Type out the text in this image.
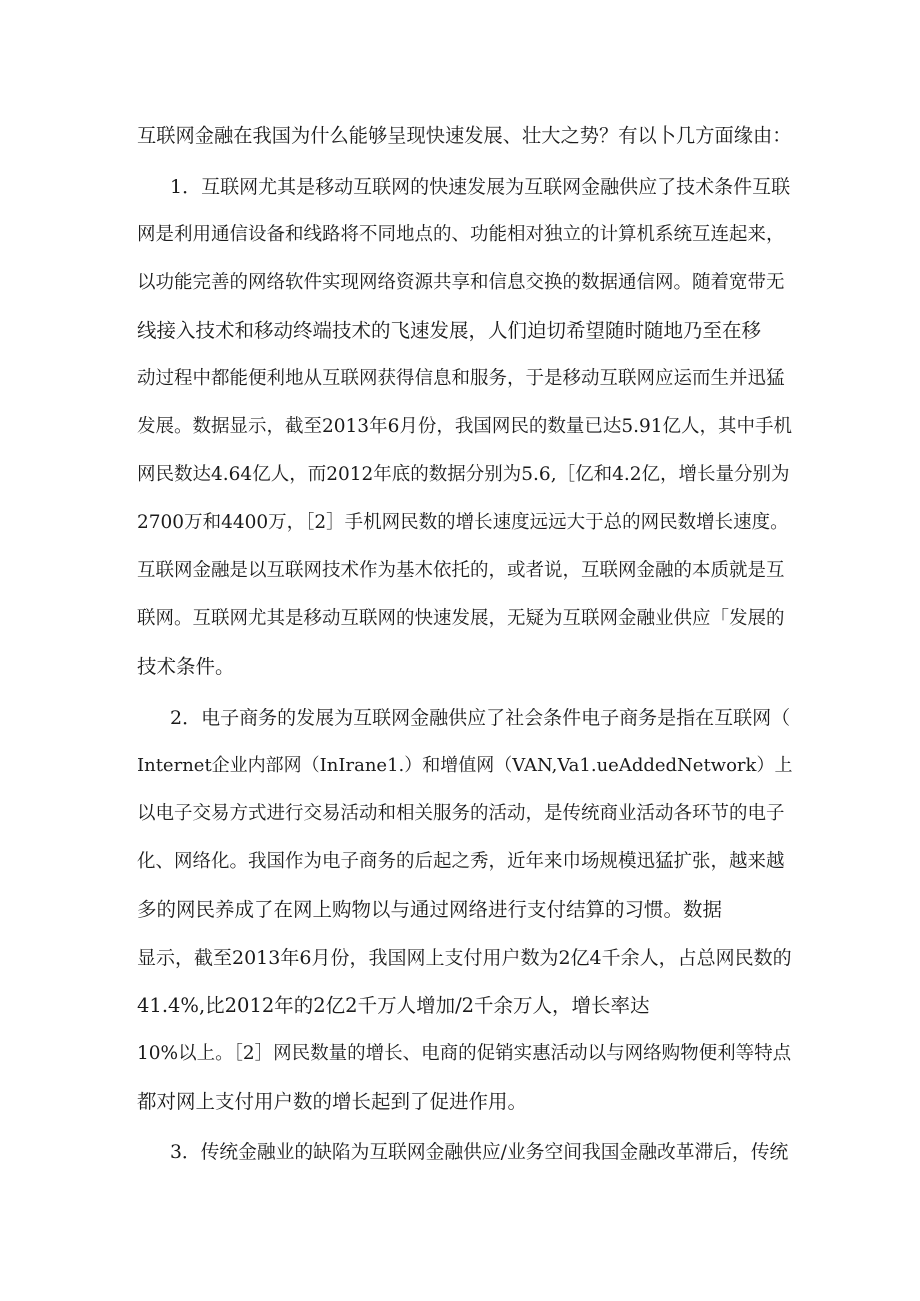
互联网金融在我国为什么能够呈现快速发展、壮大之势？有以卜几方面缘由：

1．互联网尤其是移动互联网的快速发展为互联网金融供应了技术条件互联

网是利用通信设备和线路将不同地点的、功能相对独立的计算机系统互连起来，

以功能完善的网络软件实现网络资源共享和信息交换的数据通信网。随着宽带无

线接入技术和移动终端技术的飞速发展，人们迫切希望随时随地乃至在移

动过程中都能便利地从互联网获得信息和服务，于是移动互联网应运而生并迅猛

发展。数据显示，截至2013年6月份，我国网民的数量已达5.91亿人，其中手机

网民数达4.64亿人，而2012年底的数据分别为5.6,［亿和4.2亿，增长量分别为

2700万和4400万，［2］手机网民数的增长速度远远大于总的网民数增长速度。

互联网金融是以互联网技术作为基木依托的，或者说，互联网金融的本质就是互

联网。互联网尤其是移动互联网的快速发展，无疑为互联网金融业供应「发展的

技术条件。

2．电子商务的发展为互联网金融供应了社会条件电子商务是指在互联网（

Internet企业内部网（InIrane1.）和增值网（VAN,Va1.ueAddedNetwork）上

以电子交易方式进行交易活动和相关服务的活动，是传统商业活动各环节的电子

化、网络化。我国作为电子商务的后起之秀，近年来巾场规模迅猛扩张，越来越

多的网民养成了在网上购物以与通过网络进行支付结算的习惯。数据

显示，截至2013年6月份，我国网上支付用户数为2亿4千余人，占总网民数的

41.4%,比2012年的2亿2千万人增加/2千余万人，增长率达

10%以上。［2］网民数量的增长、电商的促销实惠活动以与网络购物便利等特点

都对网上支付用户数的增长起到了促进作用。

3．传统金融业的缺陷为互联网金融供应/业务空间我国金融改革滞后，传统
